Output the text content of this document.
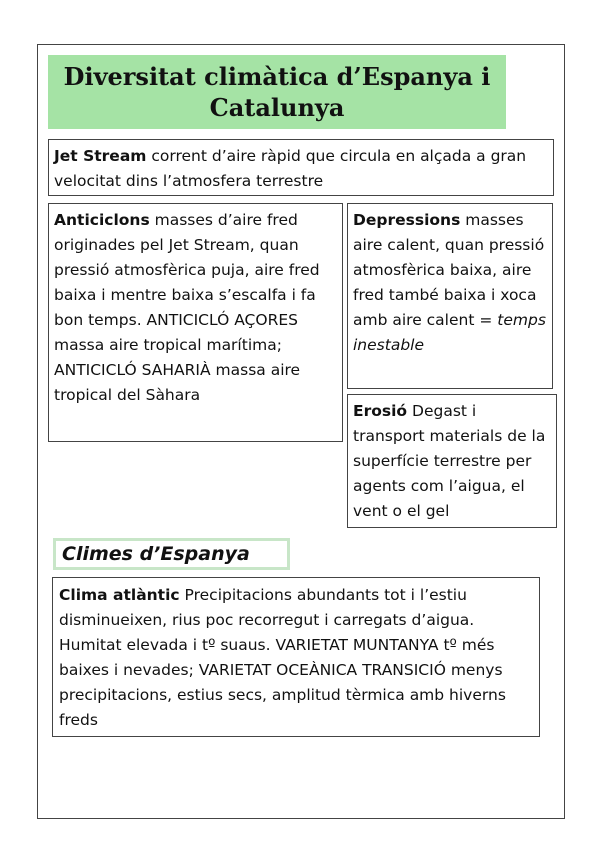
Diversitat climàtica d’Espanya i Catalunya

Jet Stream corrent d’aire ràpid que circula en alçada a gran velocitat dins l’atmosfera terrestre

Anticiclons masses d’aire fred originades pel Jet Stream, quan pressió atmosfèrica puja, aire fred baixa i mentre baixa s’escalfa i fa bon temps. ANTICICLÓ AÇORES massa aire tropical marítima; ANTICICLÓ SAHARIÀ massa aire tropical del Sàhara

Depressions masses aire calent, quan pressió atmosfèrica baixa, aire fred també baixa i xoca amb aire calent = temps inestable

Erosió Degast i transport materials de la superfície terrestre per agents com l’aigua, el vent o el gel

Climes d’Espanya

Clima atlàntic Precipitacions abundants tot i l’estiu disminueixen, rius poc recorregut i carregats d’aigua. Humitat elevada i tº suaus. VARIETAT MUNTANYA tº més baixes i nevades; VARIETAT OCEÀNICA TRANSICIÓ menys precipitacions, estius secs, amplitud tèrmica amb hiverns freds
